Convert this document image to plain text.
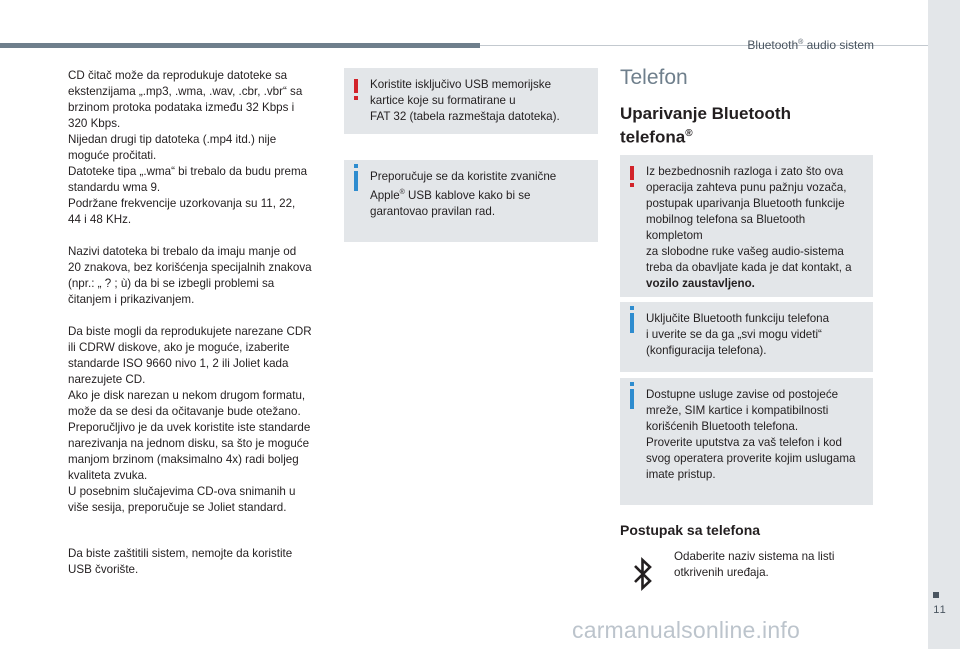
Bluetooth® audio sistem
11

CD čitač može da reprodukuje datoteke sa
ekstenzijama „.mp3, .wma, .wav, .cbr, .vbr“ sa
brzinom protoka podataka između 32 Kbps i
320 Kbps.
Nijedan drugi tip datoteka (.mp4 itd.) nije
moguće pročitati.
Datoteke tipa „.wma“ bi trebalo da budu prema
standardu wma 9.
Podržane frekvencije uzorkovanja su 11, 22,
44 i 48 KHz.

Nazivi datoteka bi trebalo da imaju manje od
20 znakova, bez korišćenja specijalnih znakova
(npr.: „ ? ; ù) da bi se izbegli problemi sa
čitanjem i prikazivanjem.

Da biste mogli da reprodukujete narezane CDR
ili CDRW diskove, ako je moguće, izaberite
standarde ISO 9660 nivo 1, 2 ili Joliet kada
narezujete CD.
Ako je disk narezan u nekom drugom formatu,
može da se desi da očitavanje bude otežano.
Preporučljivo je da uvek koristite iste standarde
narezivanja na jednom disku, sa što je moguće
manjom brzinom (maksimalno 4x) radi boljeg
kvaliteta zvuka.
U posebnim slučajevima CD-ova snimanih u
više sesija, preporučuje se Joliet standard.

Da biste zaštitili sistem, nemojte da koristite
USB čvorište.

Koristite isključivo USB memorijske
kartice koje su formatirane u
FAT 32 (tabela razmeštaja datoteka).
Preporučuje se da koristite zvanične
Apple® USB kablove kako bi se
garantovao pravilan rad.
Telefon
Uparivanje Bluetooth
telefona®
Iz bezbednosnih razloga i zato što ova
operacija zahteva punu pažnju vozača,
postupak uparivanja Bluetooth funkcije
mobilnog telefona sa Bluetooth kompletom
za slobodne ruke vašeg audio-sistema
treba da obavljate kada je dat kontakt, a
vozilo zaustavljeno.
Uključite Bluetooth funkciju telefona
i uverite se da ga „svi mogu videti“
(konfiguracija telefona).
Dostupne usluge zavise od postojeće
mreže, SIM kartice i kompatibilnosti
korišćenih Bluetooth telefona.
Proverite uputstva za vaš telefon i kod
svog operatera proverite kojim uslugama
imate pristup.
Postupak sa telefona
Odaberite naziv sistema na listi
otkrivenih uređaja.
carmanualsonline.info
